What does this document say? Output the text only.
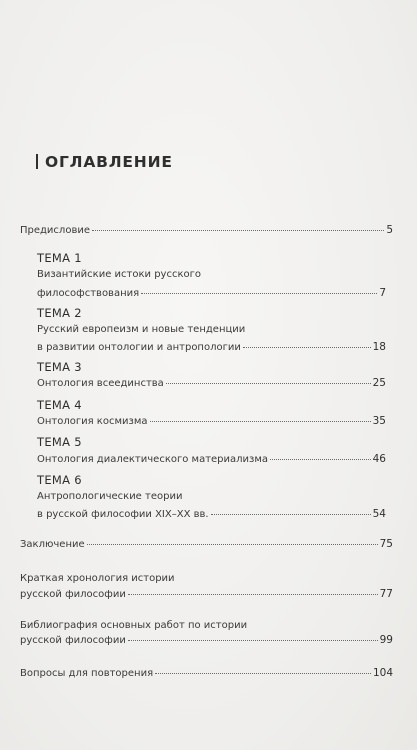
ОГЛАВЛЕНИЕ
Предисловие	5
ТЕМА 1
Византийские истоки русского
философствования	7
ТЕМА 2
Русский европеизм и новые тенденции
в развитии онтологии и антропологии	18
ТЕМА 3
Онтология всеединства	25
ТЕМА 4
Онтология космизма	35
ТЕМА 5
Онтология диалектического материализма	46
ТЕМА 6
Антропологические теории
в русской философии XIX–XX вв.	54
Заключение	75
Краткая хронология истории
русской философии	77
Библиография основных работ по истории
русской философии	99
Вопросы для повторения	104
